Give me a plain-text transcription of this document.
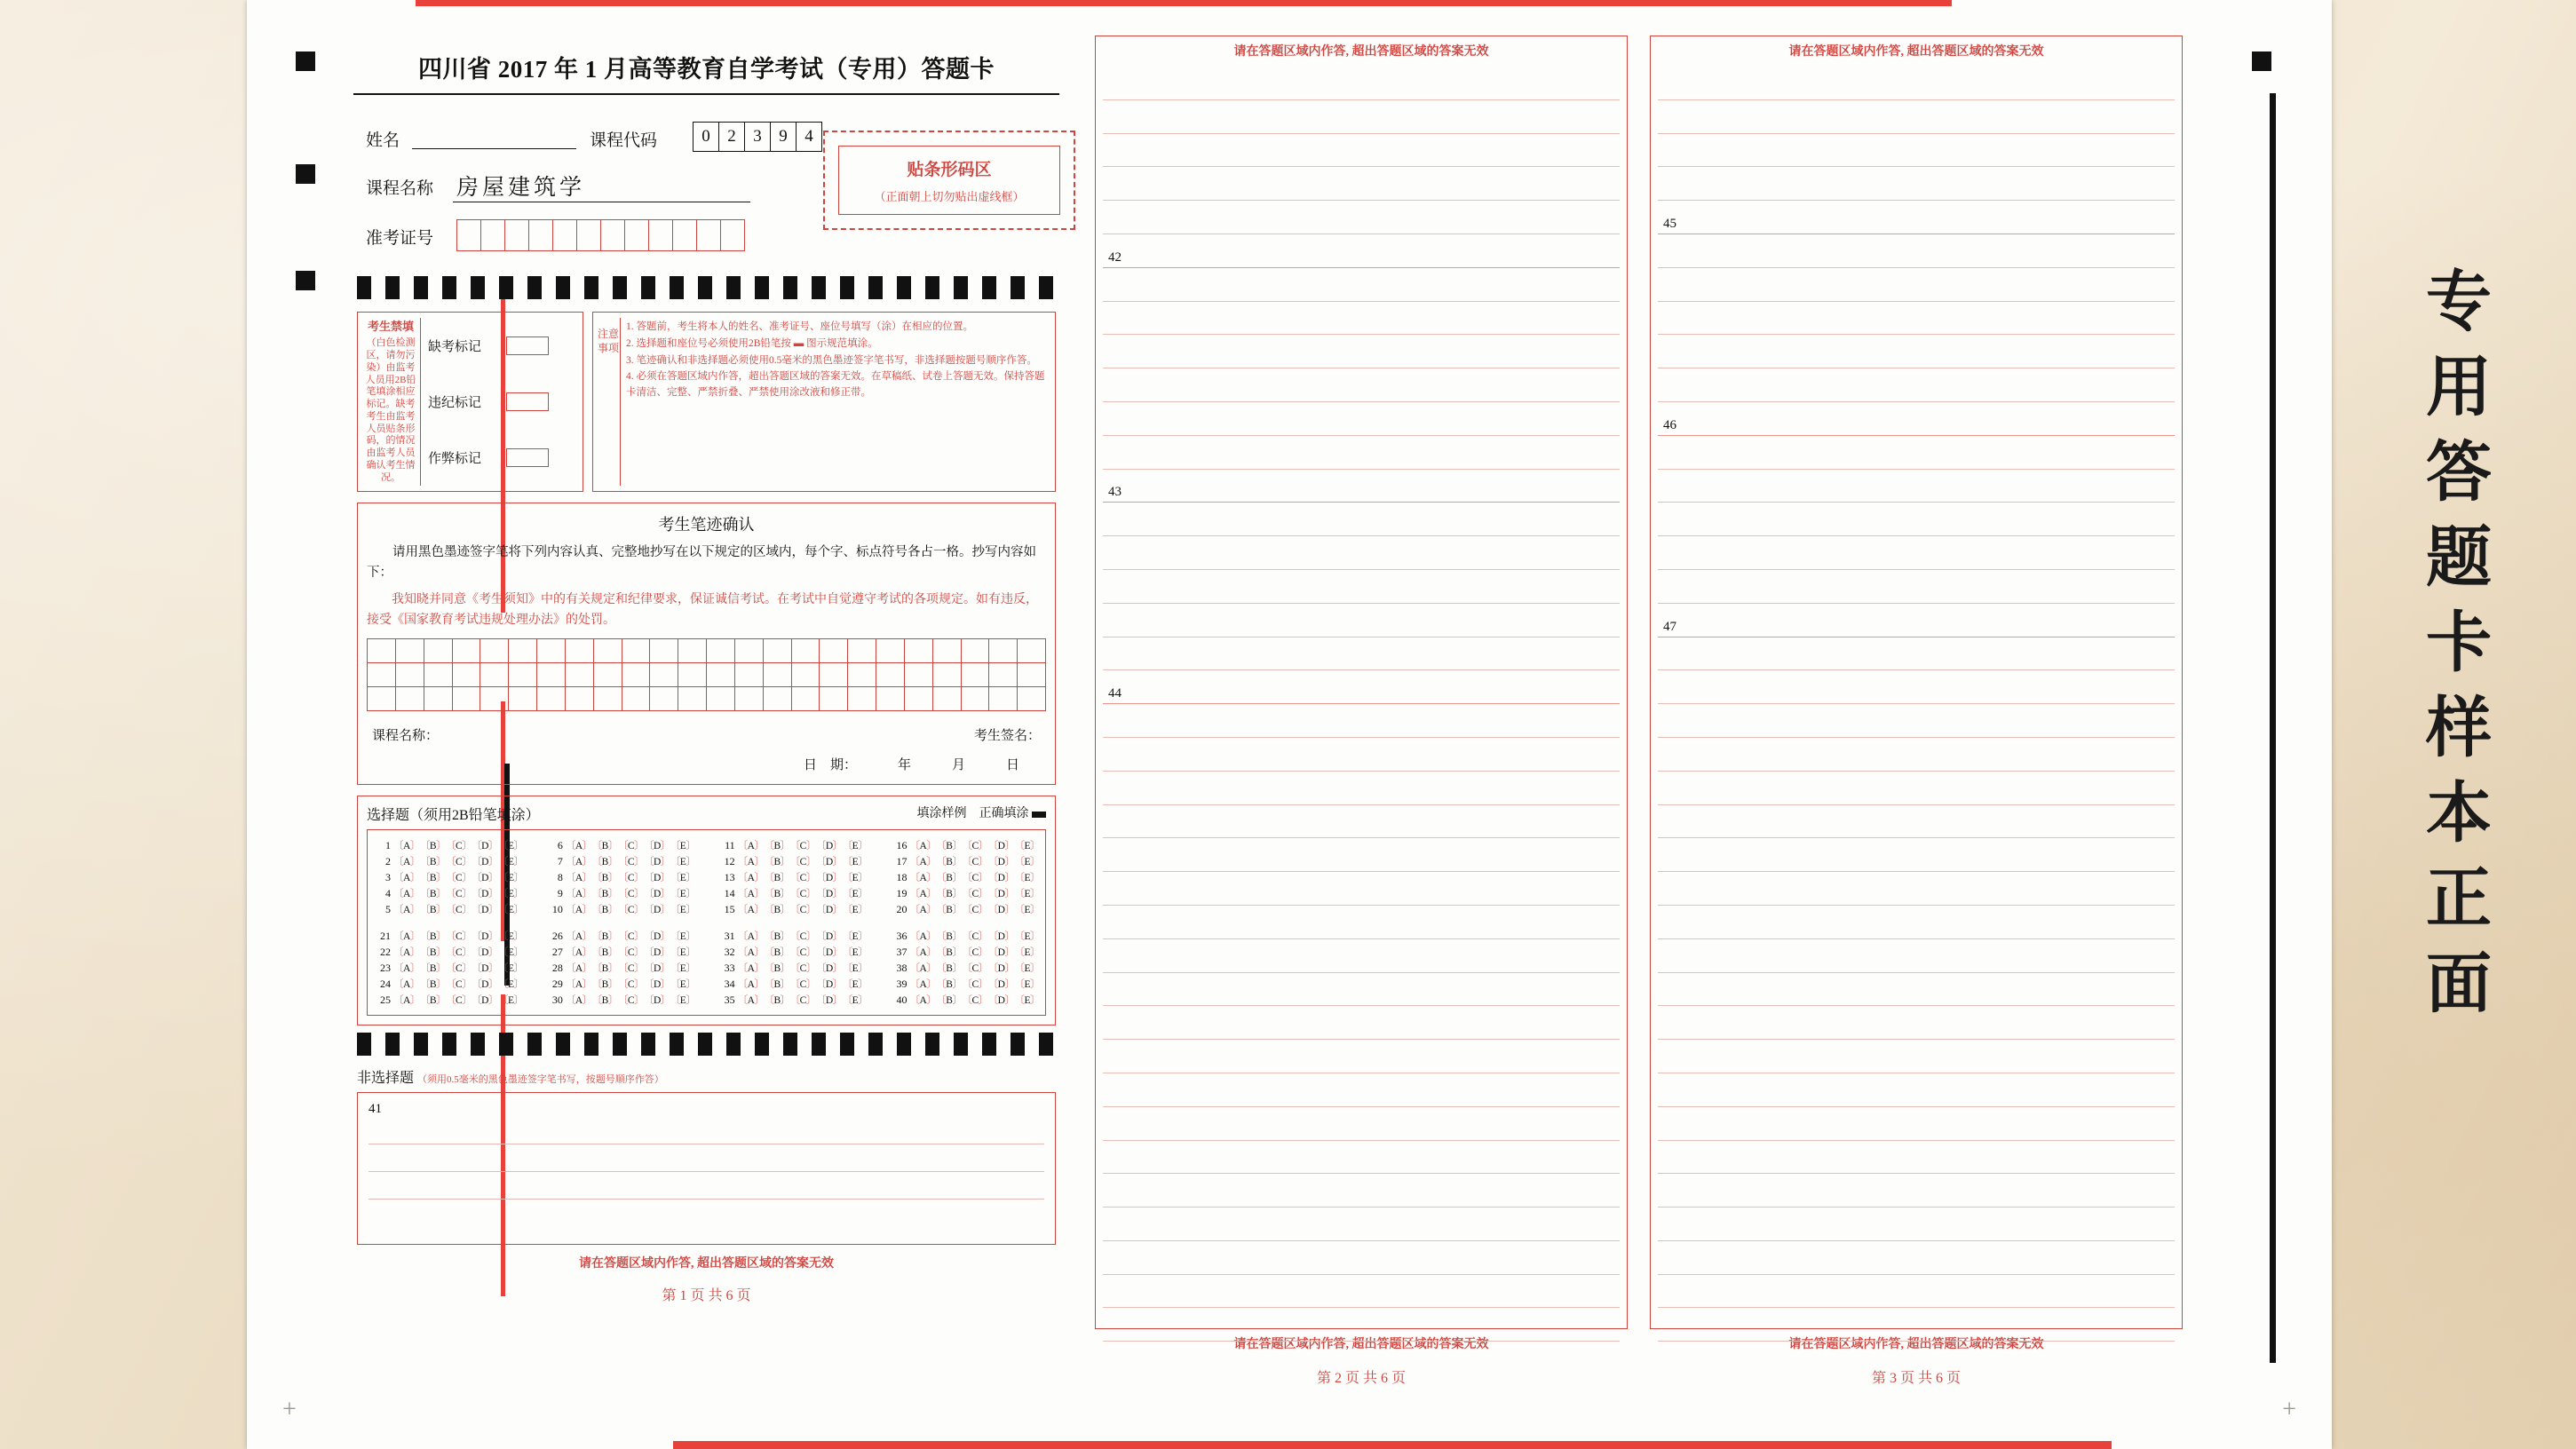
+	+
四川省 2017 年 1 月高等教育自学考试（专用）答题卡
姓名	课程代码	0	2	3	9	4
课程名称 房屋建筑学
准考证号
贴条形码区
（正面朝上切勿贴出虚线框）
考生禁填
（白色检测区，请勿污染）由监考人员用2B铅笔填涂相应标记。缺考考生由监考人员贴条形码，的情况由监考人员确认考生情况。
缺考标记
违纪标记
作弊标记
注意事项
1. 答题前，考生将本人的姓名、准考证号、座位号填写（涂）在相应的位置。
2. 选择题和座位号必须使用2B铅笔按 ▬ 图示规范填涂。
3. 笔迹确认和非选择题必须使用0.5毫米的黑色墨迹签字笔书写，非选择题按题号顺序作答。
4. 必须在答题区域内作答，超出答题区域的答案无效。在草稿纸、试卷上答题无效。保持答题卡清洁、完整、严禁折叠、严禁使用涂改液和修正带。
考生笔迹确认

请用黑色墨迹签字笔将下列内容认真、完整地抄写在以下规定的区域内，每个字、标点符号各占一格。抄写内容如下：

我知晓并同意《考生须知》中的有关规定和纪律要求，保证诚信考试。在考试中自觉遵守考试的各项规定。如有违反，接受《国家教育考试违规处理办法》的处罚。

课程名称：	考生签名：
日　期：	年	月	日
选择题（须用2B铅笔填涂）	填涂样例　正确填涂
1 〔A〕 〔B〕 〔C〕 〔D〕 〔E〕
2 〔A〕 〔B〕 〔C〕 〔D〕 〔E〕
3 〔A〕 〔B〕 〔C〕 〔D〕 〔E〕
4 〔A〕 〔B〕 〔C〕 〔D〕 〔E〕
5 〔A〕 〔B〕 〔C〕 〔D〕 〔E〕
6 〔A〕 〔B〕 〔C〕 〔D〕 〔E〕
7 〔A〕 〔B〕 〔C〕 〔D〕 〔E〕
8 〔A〕 〔B〕 〔C〕 〔D〕 〔E〕
9 〔A〕 〔B〕 〔C〕 〔D〕 〔E〕
10 〔A〕 〔B〕 〔C〕 〔D〕 〔E〕
11 〔A〕 〔B〕 〔C〕 〔D〕 〔E〕
12 〔A〕 〔B〕 〔C〕 〔D〕 〔E〕
13 〔A〕 〔B〕 〔C〕 〔D〕 〔E〕
14 〔A〕 〔B〕 〔C〕 〔D〕 〔E〕
15 〔A〕 〔B〕 〔C〕 〔D〕 〔E〕
16 〔A〕 〔B〕 〔C〕 〔D〕 〔E〕
17 〔A〕 〔B〕 〔C〕 〔D〕 〔E〕
18 〔A〕 〔B〕 〔C〕 〔D〕 〔E〕
19 〔A〕 〔B〕 〔C〕 〔D〕 〔E〕
20 〔A〕 〔B〕 〔C〕 〔D〕 〔E〕
21 〔A〕 〔B〕 〔C〕 〔D〕 〔E〕
22 〔A〕 〔B〕 〔C〕 〔D〕 〔E〕
23 〔A〕 〔B〕 〔C〕 〔D〕 〔E〕
24 〔A〕 〔B〕 〔C〕 〔D〕 〔E〕
25 〔A〕 〔B〕 〔C〕 〔D〕 〔E〕
26 〔A〕 〔B〕 〔C〕 〔D〕 〔E〕
27 〔A〕 〔B〕 〔C〕 〔D〕 〔E〕
28 〔A〕 〔B〕 〔C〕 〔D〕 〔E〕
29 〔A〕 〔B〕 〔C〕 〔D〕 〔E〕
30 〔A〕 〔B〕 〔C〕 〔D〕 〔E〕
31 〔A〕 〔B〕 〔C〕 〔D〕 〔E〕
32 〔A〕 〔B〕 〔C〕 〔D〕 〔E〕
33 〔A〕 〔B〕 〔C〕 〔D〕 〔E〕
34 〔A〕 〔B〕 〔C〕 〔D〕 〔E〕
35 〔A〕 〔B〕 〔C〕 〔D〕 〔E〕
36 〔A〕 〔B〕 〔C〕 〔D〕 〔E〕
37 〔A〕 〔B〕 〔C〕 〔D〕 〔E〕
38 〔A〕 〔B〕 〔C〕 〔D〕 〔E〕
39 〔A〕 〔B〕 〔C〕 〔D〕 〔E〕
40 〔A〕 〔B〕 〔C〕 〔D〕 〔E〕
非选择题 （须用0.5毫米的黑色墨迹签字笔书写，按题号顺序作答）
41
请在答题区域内作答, 超出答题区域的答案无效
第 1 页 共 6 页
请在答题区域内作答, 超出答题区域的答案无效
42
43
44
请在答题区域内作答, 超出答题区域的答案无效
第 2 页 共 6 页
请在答题区域内作答, 超出答题区域的答案无效
45
46
47
请在答题区域内作答, 超出答题区域的答案无效
第 3 页 共 6 页
专用答题卡样本正面
